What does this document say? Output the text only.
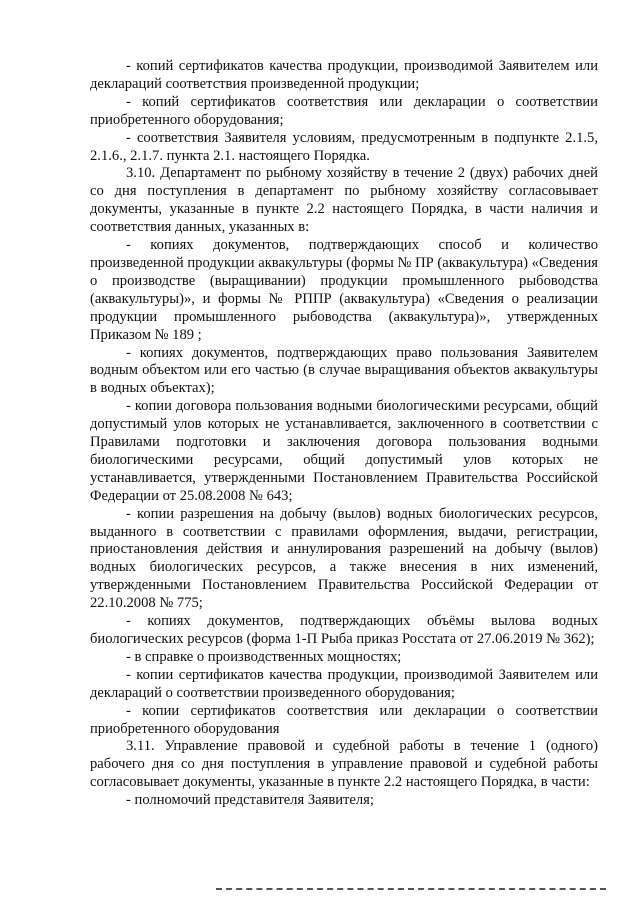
- копий сертификатов качества продукции, производимой Заявителем или деклараций соответствия произведенной продукции;

- копий сертификатов соответствия или декларации о соответствии приобретенного оборудования;

- соответствия Заявителя условиям, предусмотренным в подпункте 2.1.5, 2.1.6., 2.1.7. пункта 2.1. настоящего Порядка.

3.10. Департамент по рыбному хозяйству в течение 2 (двух) рабочих дней со дня поступления в департамент по рыбному хозяйству согласовывает документы, указанные в пункте 2.2 настоящего Порядка, в части наличия и соответствия данных, указанных в:

- копиях документов, подтверждающих способ и количество произведенной продукции аквакультуры (формы № ПР (аквакультура) «Сведения о производстве (выращивании) продукции промышленного рыбоводства (аквакультуры)», и формы № РППР (аквакультура) «Сведения о реализации продукции промышленного рыбоводства (аквакультура)», утвержденных Приказом № 189 ;

- копиях документов, подтверждающих право пользования Заявителем водным объектом или его частью (в случае выращивания объектов аквакультуры в водных объектах);

- копии договора пользования водными биологическими ресурсами, общий допустимый улов которых не устанавливается, заключенного в соответствии с Правилами подготовки и заключения договора пользования водными биологическими ресурсами, общий допустимый улов которых не устанавливается, утвержденными Постановлением Правительства Российской Федерации от 25.08.2008 № 643;

- копии разрешения на добычу (вылов) водных биологических ресурсов, выданного в соответствии с правилами оформления, выдачи, регистрации, приостановления действия и аннулирования разрешений на добычу (вылов) водных биологических ресурсов, а также внесения в них изменений, утвержденными Постановлением Правительства Российской Федерации от 22.10.2008 № 775;

- копиях документов, подтверждающих объёмы вылова водных биологических ресурсов (форма 1-П Рыба приказ Росстата от 27.06.2019 № 362);

- в справке о производственных мощностях;

- копии сертификатов качества продукции, производимой Заявителем или деклараций о соответствии произведенного оборудования;

- копии сертификатов соответствия или декларации о соответствии приобретенного оборудования

3.11. Управление правовой и судебной работы в течение 1 (одного) рабочего дня со дня поступления в управление правовой и судебной работы согласовывает документы, указанные в пункте 2.2 настоящего Порядка, в части:

- полномочий представителя Заявителя;
